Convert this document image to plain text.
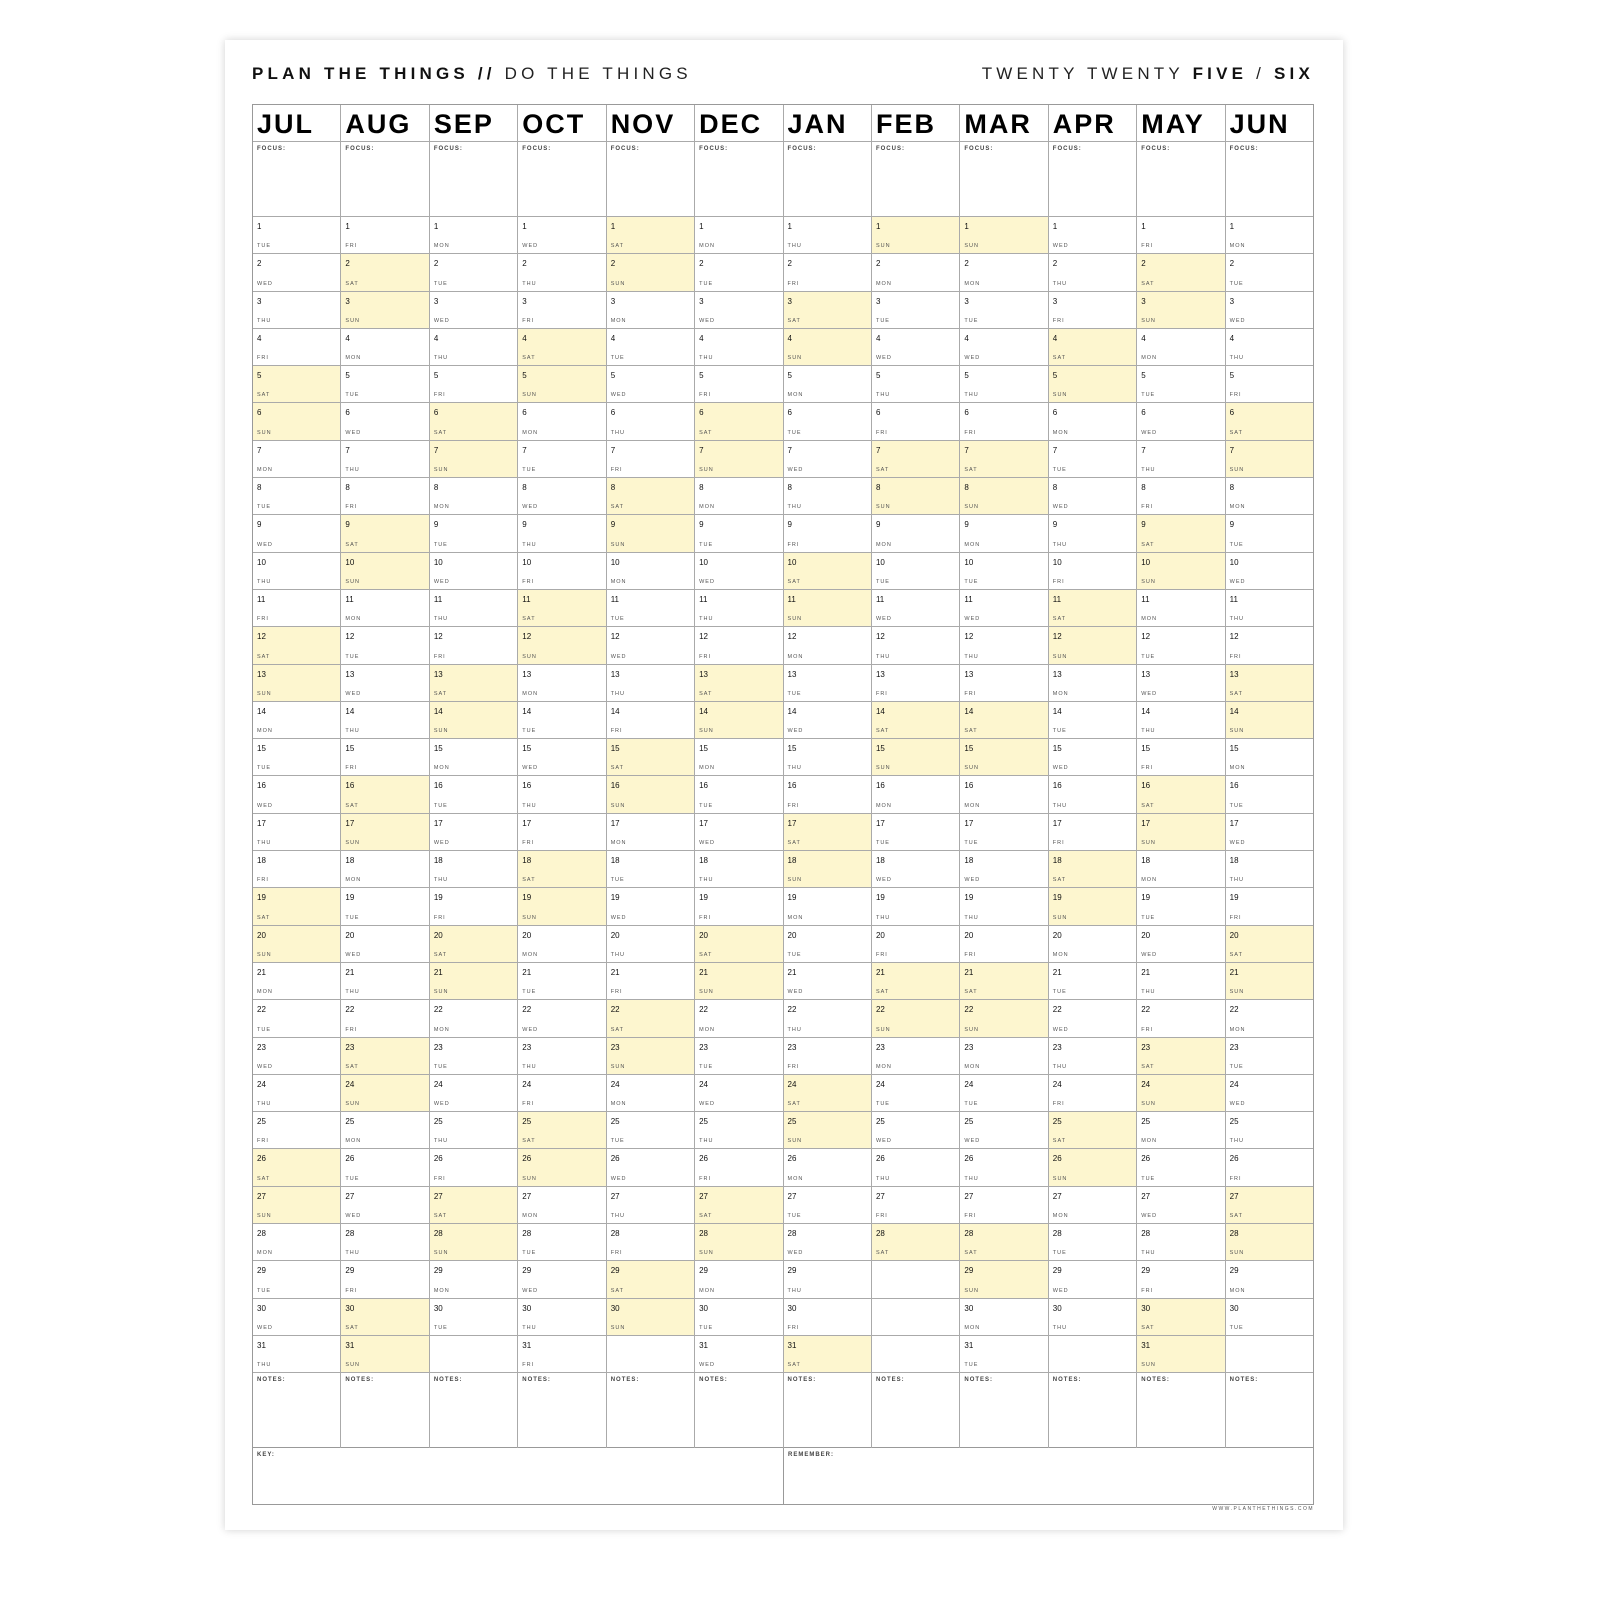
PLAN THE THINGS // DO THE THINGS	TWENTY TWENTY FIVE / SIX
JUL
FOCUS:
1
TUE
2
WED
3
THU
4
FRI
5
SAT
6
SUN
7
MON
8
TUE
9
WED
10
THU
11
FRI
12
SAT
13
SUN
14
MON
15
TUE
16
WED
17
THU
18
FRI
19
SAT
20
SUN
21
MON
22
TUE
23
WED
24
THU
25
FRI
26
SAT
27
SUN
28
MON
29
TUE
30
WED
31
THU
NOTES:
AUG
FOCUS:
1
FRI
2
SAT
3
SUN
4
MON
5
TUE
6
WED
7
THU
8
FRI
9
SAT
10
SUN
11
MON
12
TUE
13
WED
14
THU
15
FRI
16
SAT
17
SUN
18
MON
19
TUE
20
WED
21
THU
22
FRI
23
SAT
24
SUN
25
MON
26
TUE
27
WED
28
THU
29
FRI
30
SAT
31
SUN
NOTES:
SEP
FOCUS:
1
MON
2
TUE
3
WED
4
THU
5
FRI
6
SAT
7
SUN
8
MON
9
TUE
10
WED
11
THU
12
FRI
13
SAT
14
SUN
15
MON
16
TUE
17
WED
18
THU
19
FRI
20
SAT
21
SUN
22
MON
23
TUE
24
WED
25
THU
26
FRI
27
SAT
28
SUN
29
MON
30
TUE
NOTES:
OCT
FOCUS:
1
WED
2
THU
3
FRI
4
SAT
5
SUN
6
MON
7
TUE
8
WED
9
THU
10
FRI
11
SAT
12
SUN
13
MON
14
TUE
15
WED
16
THU
17
FRI
18
SAT
19
SUN
20
MON
21
TUE
22
WED
23
THU
24
FRI
25
SAT
26
SUN
27
MON
28
TUE
29
WED
30
THU
31
FRI
NOTES:
NOV
FOCUS:
1
SAT
2
SUN
3
MON
4
TUE
5
WED
6
THU
7
FRI
8
SAT
9
SUN
10
MON
11
TUE
12
WED
13
THU
14
FRI
15
SAT
16
SUN
17
MON
18
TUE
19
WED
20
THU
21
FRI
22
SAT
23
SUN
24
MON
25
TUE
26
WED
27
THU
28
FRI
29
SAT
30
SUN
NOTES:
DEC
FOCUS:
1
MON
2
TUE
3
WED
4
THU
5
FRI
6
SAT
7
SUN
8
MON
9
TUE
10
WED
11
THU
12
FRI
13
SAT
14
SUN
15
MON
16
TUE
17
WED
18
THU
19
FRI
20
SAT
21
SUN
22
MON
23
TUE
24
WED
25
THU
26
FRI
27
SAT
28
SUN
29
MON
30
TUE
31
WED
NOTES:
JAN
FOCUS:
1
THU
2
FRI
3
SAT
4
SUN
5
MON
6
TUE
7
WED
8
THU
9
FRI
10
SAT
11
SUN
12
MON
13
TUE
14
WED
15
THU
16
FRI
17
SAT
18
SUN
19
MON
20
TUE
21
WED
22
THU
23
FRI
24
SAT
25
SUN
26
MON
27
TUE
28
WED
29
THU
30
FRI
31
SAT
NOTES:
FEB
FOCUS:
1
SUN
2
MON
3
TUE
4
WED
5
THU
6
FRI
7
SAT
8
SUN
9
MON
10
TUE
11
WED
12
THU
13
FRI
14
SAT
15
SUN
16
MON
17
TUE
18
WED
19
THU
20
FRI
21
SAT
22
SUN
23
MON
24
TUE
25
WED
26
THU
27
FRI
28
SAT
NOTES:
MAR
FOCUS:
1
SUN
2
MON
3
TUE
4
WED
5
THU
6
FRI
7
SAT
8
SUN
9
MON
10
TUE
11
WED
12
THU
13
FRI
14
SAT
15
SUN
16
MON
17
TUE
18
WED
19
THU
20
FRI
21
SAT
22
SUN
23
MON
24
TUE
25
WED
26
THU
27
FRI
28
SAT
29
SUN
30
MON
31
TUE
NOTES:
APR
FOCUS:
1
WED
2
THU
3
FRI
4
SAT
5
SUN
6
MON
7
TUE
8
WED
9
THU
10
FRI
11
SAT
12
SUN
13
MON
14
TUE
15
WED
16
THU
17
FRI
18
SAT
19
SUN
20
MON
21
TUE
22
WED
23
THU
24
FRI
25
SAT
26
SUN
27
MON
28
TUE
29
WED
30
THU
NOTES:
MAY
FOCUS:
1
FRI
2
SAT
3
SUN
4
MON
5
TUE
6
WED
7
THU
8
FRI
9
SAT
10
SUN
11
MON
12
TUE
13
WED
14
THU
15
FRI
16
SAT
17
SUN
18
MON
19
TUE
20
WED
21
THU
22
FRI
23
SAT
24
SUN
25
MON
26
TUE
27
WED
28
THU
29
FRI
30
SAT
31
SUN
NOTES:
JUN
FOCUS:
1
MON
2
TUE
3
WED
4
THU
5
FRI
6
SAT
7
SUN
8
MON
9
TUE
10
WED
11
THU
12
FRI
13
SAT
14
SUN
15
MON
16
TUE
17
WED
18
THU
19
FRI
20
SAT
21
SUN
22
MON
23
TUE
24
WED
25
THU
26
FRI
27
SAT
28
SUN
29
MON
30
TUE
NOTES:
KEY:	REMEMBER:
WWW.PLANTHETHINGS.COM
